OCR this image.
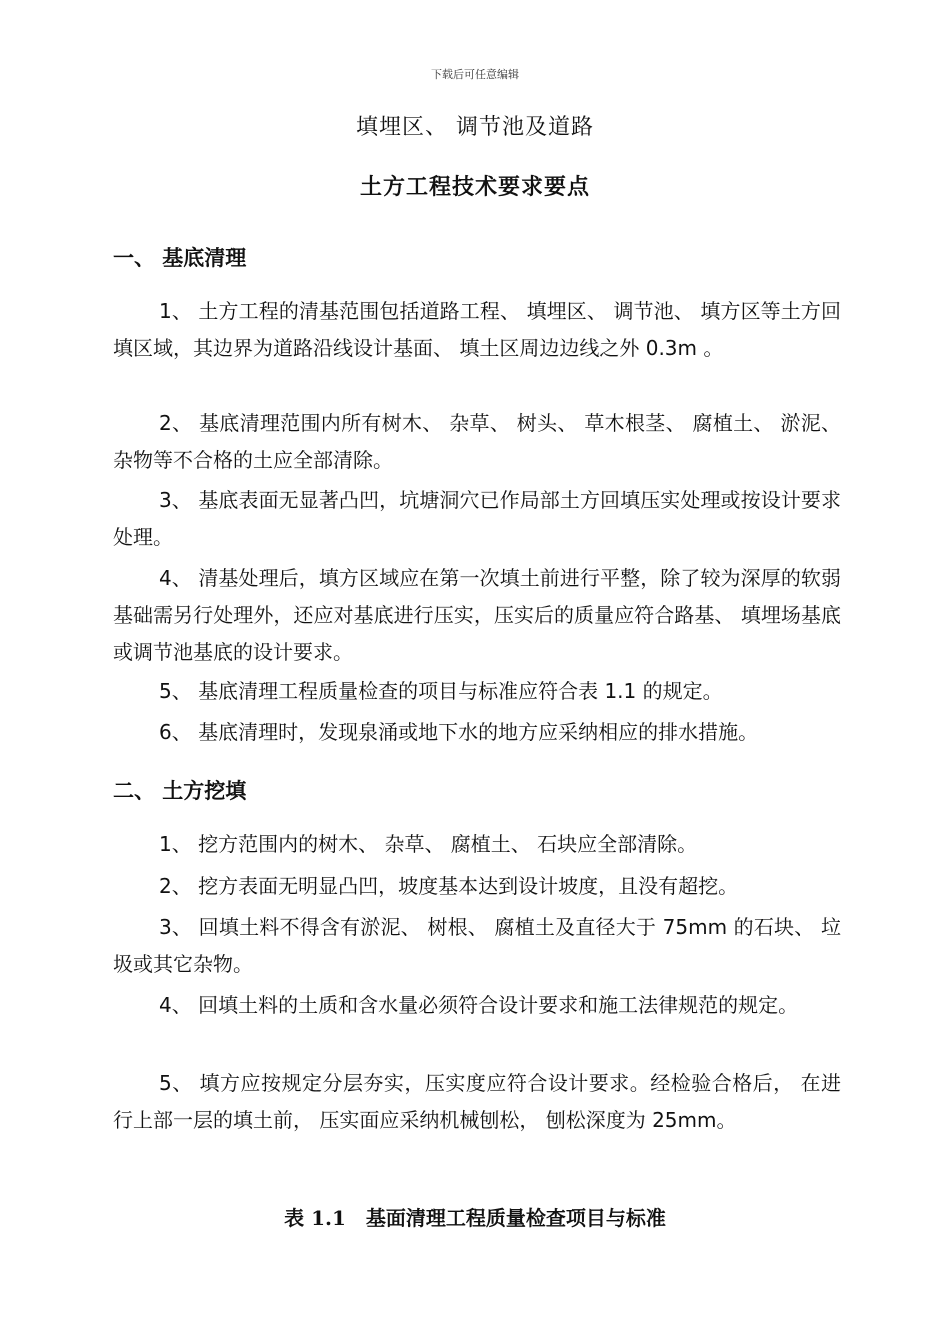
下载后可任意编辑
填埋区、 调节池及道路
土方工程技术要求要点
一、 基底清理

1、 土方工程的清基范围包括道路工程、 填埋区、 调节池、 填方区等土方回填区域，其边界为道路沿线设计基面、 填土区周边边线之外 0.3m 。

2、 基底清理范围内所有树木、 杂草、 树头、 草木根茎、 腐植土、 淤泥、 杂物等不合格的土应全部清除。

3、 基底表面无显著凸凹，坑塘洞穴已作局部土方回填压实处理或按设计要求处理。

4、 清基处理后，填方区域应在第一次填土前进行平整，除了较为深厚的软弱基础需另行处理外，还应对基底进行压实，压实后的质量应符合路基、 填埋场基底或调节池基底的设计要求。

5、 基底清理工程质量检查的项目与标准应符合表 1.1 的规定。

6、 基底清理时，发现泉涌或地下水的地方应采纳相应的排水措施。

二、 土方挖填

1、 挖方范围内的树木、 杂草、 腐植土、 石块应全部清除。

2、 挖方表面无明显凸凹，坡度基本达到设计坡度，且没有超挖。

3、 回填土料不得含有淤泥、 树根、 腐植土及直径大于 75mm 的石块、 垃圾或其它杂物。

4、 回填土料的土质和含水量必须符合设计要求和施工法律规范的规定。

5、 填方应按规定分层夯实，压实度应符合设计要求。经检验合格后， 在进行上部一层的填土前， 压实面应采纳机械刨松， 刨松深度为 25mm。

表 1.1　基面清理工程质量检查项目与标准
